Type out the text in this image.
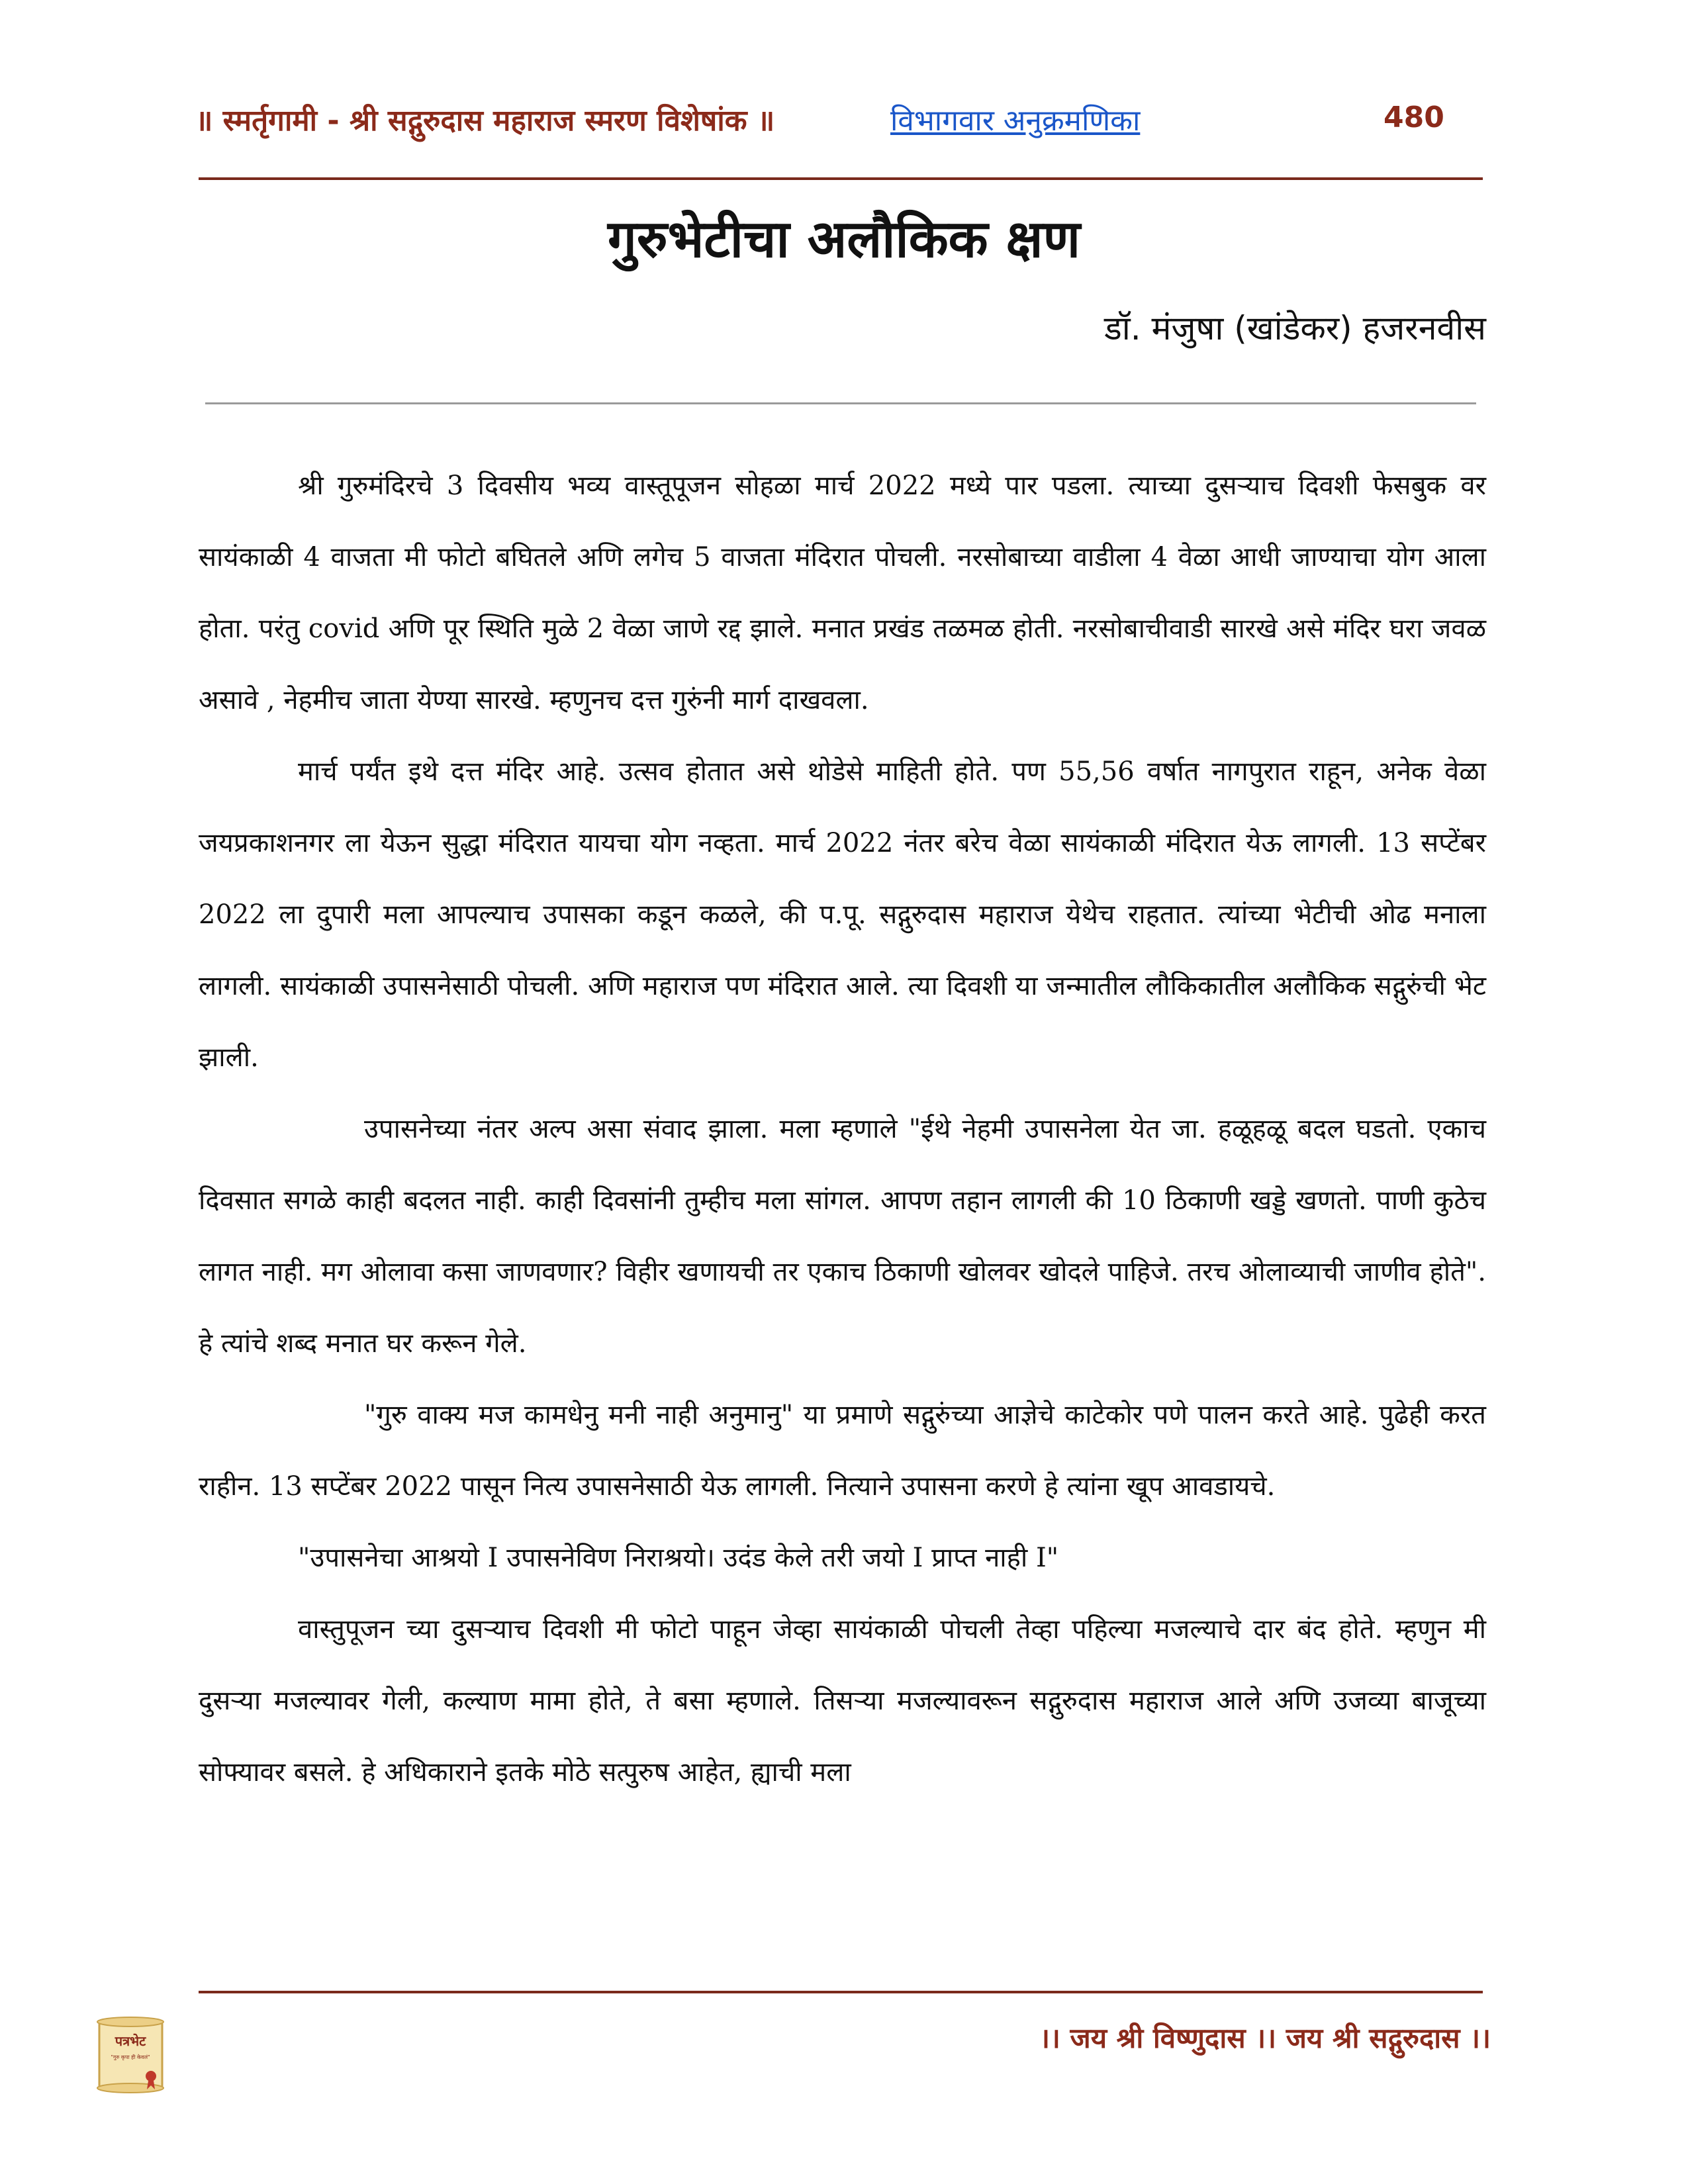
॥ स्मर्तृगामी - श्री सद्गुरुदास महाराज स्मरण विशेषांक ॥	विभागवार अनुक्रमणिका	480
गुरुभेटीचा अलौकिक क्षण
डॉ. मंजुषा (खांडेकर) हजरनवीस

श्री गुरुमंदिरचे 3 दिवसीय भव्य वास्तूपूजन सोहळा मार्च 2022 मध्ये पार पडला. त्याच्या दुसऱ्याच दिवशी फेसबुक वर सायंकाळी 4 वाजता मी फोटो बघितले अणि लगेच 5 वाजता मंदिरात पोचली. नरसोबाच्या वाडीला 4 वेळा आधी जाण्याचा योग आला होता. परंतु covid अणि पूर स्थिति मुळे 2 वेळा जाणे रद्द झाले. मनात प्रखंड तळमळ होती. नरसोबाचीवाडी सारखे असे मंदिर घरा जवळ असावे , नेहमीच जाता येण्या सारखे. म्हणुनच दत्त गुरुंनी मार्ग दाखवला.

मार्च पर्यंत इथे दत्त मंदिर आहे. उत्सव होतात असे थोडेसे माहिती होते. पण 55,56 वर्षात नागपुरात राहून, अनेक वेळा जयप्रकाशनगर ला येऊन सुद्धा मंदिरात यायचा योग नव्हता. मार्च 2022 नंतर बरेच वेळा सायंकाळी मंदिरात येऊ लागली. 13 सप्टेंबर 2022 ला दुपारी मला आपल्याच उपासका कडून कळले, की प.पू. सद्गुरुदास महाराज येथेच राहतात. त्यांच्या भेटीची ओढ मनाला लागली. सायंकाळी उपासनेसाठी पोचली. अणि महाराज पण मंदिरात आले. त्या दिवशी या जन्मातील लौकिकातील अलौकिक सद्गुरुंची भेट झाली.

उपासनेच्या नंतर अल्प असा संवाद झाला. मला म्हणाले "ईथे नेहमी उपासनेला येत जा. हळूहळू बदल घडतो. एकाच दिवसात सगळे काही बदलत नाही. काही दिवसांनी तुम्हीच मला सांगल. आपण तहान लागली की 10 ठिकाणी खड्डे खणतो. पाणी कुठेच लागत नाही. मग ओलावा कसा जाणवणार? विहीर खणायची तर एकाच ठिकाणी खोलवर खोदले पाहिजे. तरच ओलाव्याची जाणीव होते". हे त्यांचे शब्द मनात घर करून गेले.

"गुरु वाक्य मज कामधेनु मनी नाही अनुमानु" या प्रमाणे सद्गुरुंच्या आज्ञेचे काटेकोर पणे पालन करते आहे. पुढेही करत राहीन. 13 सप्टेंबर 2022 पासून नित्य उपासनेसाठी येऊ लागली. नित्याने उपासना करणे हे त्यांना खूप आवडायचे.

"उपासनेचा आश्रयो I उपासनेविण निराश्रयो। उदंड केले तरी जयो I प्राप्त नाही I"

वास्तुपूजन च्या दुसऱ्याच दिवशी मी फोटो पाहून जेव्हा सायंकाळी पोचली तेव्हा पहिल्या मजल्याचे दार बंद होते. म्हणुन मी दुसऱ्या मजल्यावर गेली, कल्याण मामा होते, ते बसा म्हणाले. तिसऱ्या मजल्यावरून सद्गुरुदास महाराज आले अणि उजव्या बाजूच्या सोफ्यावर बसले. हे अधिकाराने इतके मोठे सत्पुरुष आहेत, ह्याची मला

पत्रभेट
"गुरु कृपा ही केवलं"
।। जय श्री विष्णुदास ।। जय श्री सद्गुरुदास ।।
